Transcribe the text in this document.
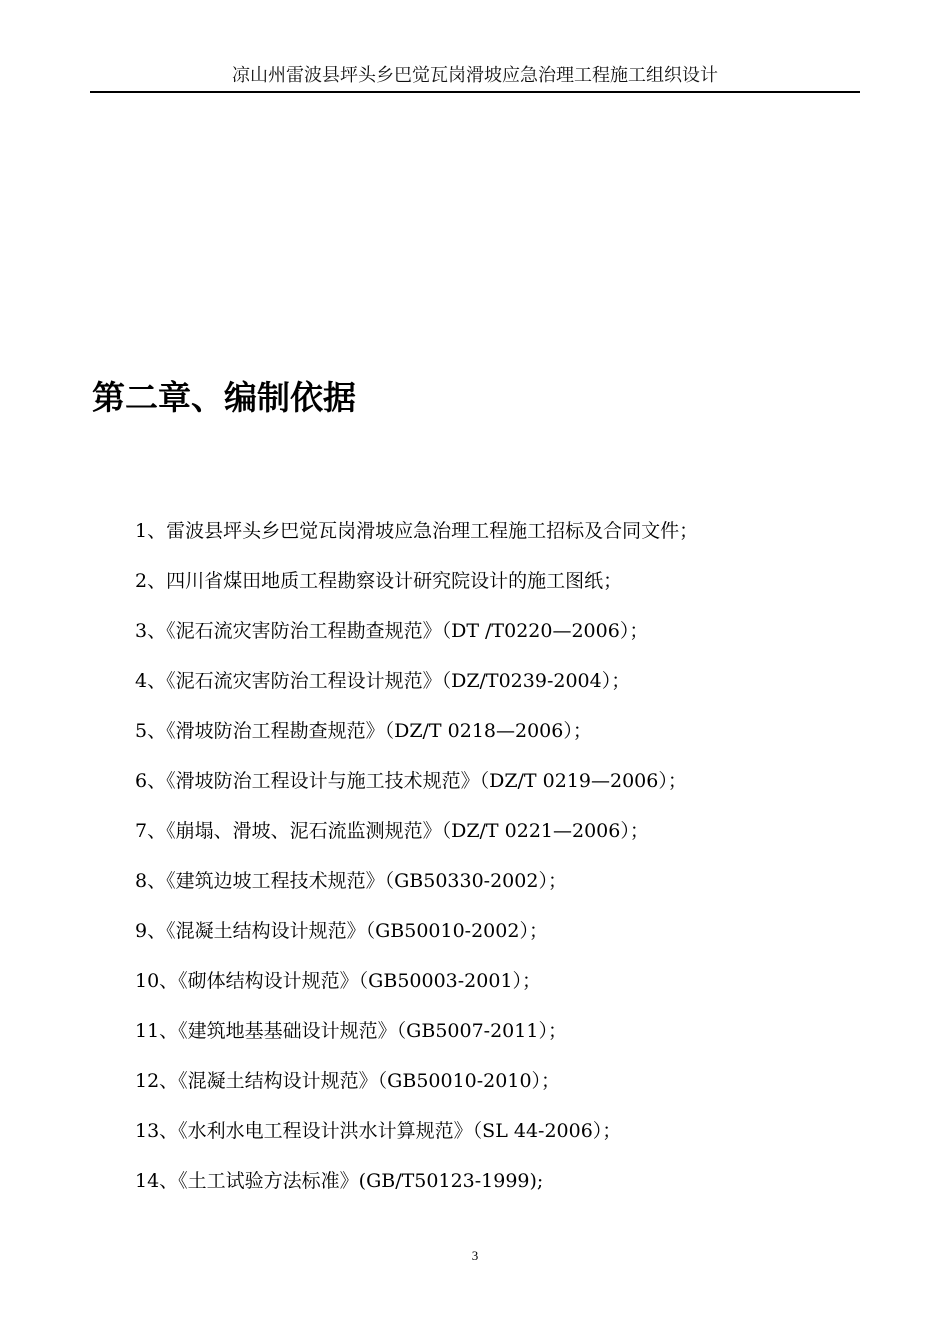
凉山州雷波县坪头乡巴觉瓦岗滑坡应急治理工程施工组织设计
第二章、编制依据
1、雷波县坪头乡巴觉瓦岗滑坡应急治理工程施工招标及合同文件；
2、四川省煤田地质工程勘察设计研究院设计的施工图纸；
3、《泥石流灾害防治工程勘查规范》（DT /T0220—2006）；
4、《泥石流灾害防治工程设计规范》（DZ/T0239-2004）；
5、《滑坡防治工程勘查规范》（DZ/T 0218—2006）；
6、《滑坡防治工程设计与施工技术规范》（DZ/T 0219—2006）；
7、《崩塌、滑坡、泥石流监测规范》（DZ/T 0221—2006）；
8、《建筑边坡工程技术规范》（GB50330-2002）；
9、《混凝土结构设计规范》（GB50010-2002）；
10、《砌体结构设计规范》（GB50003-2001）；
11、《建筑地基基础设计规范》（GB5007-2011）；
12、《混凝土结构设计规范》（GB50010-2010）；
13、《水利水电工程设计洪水计算规范》（SL 44-2006）；
14、《土工试验方法标准》(GB/T50123-1999);
3
